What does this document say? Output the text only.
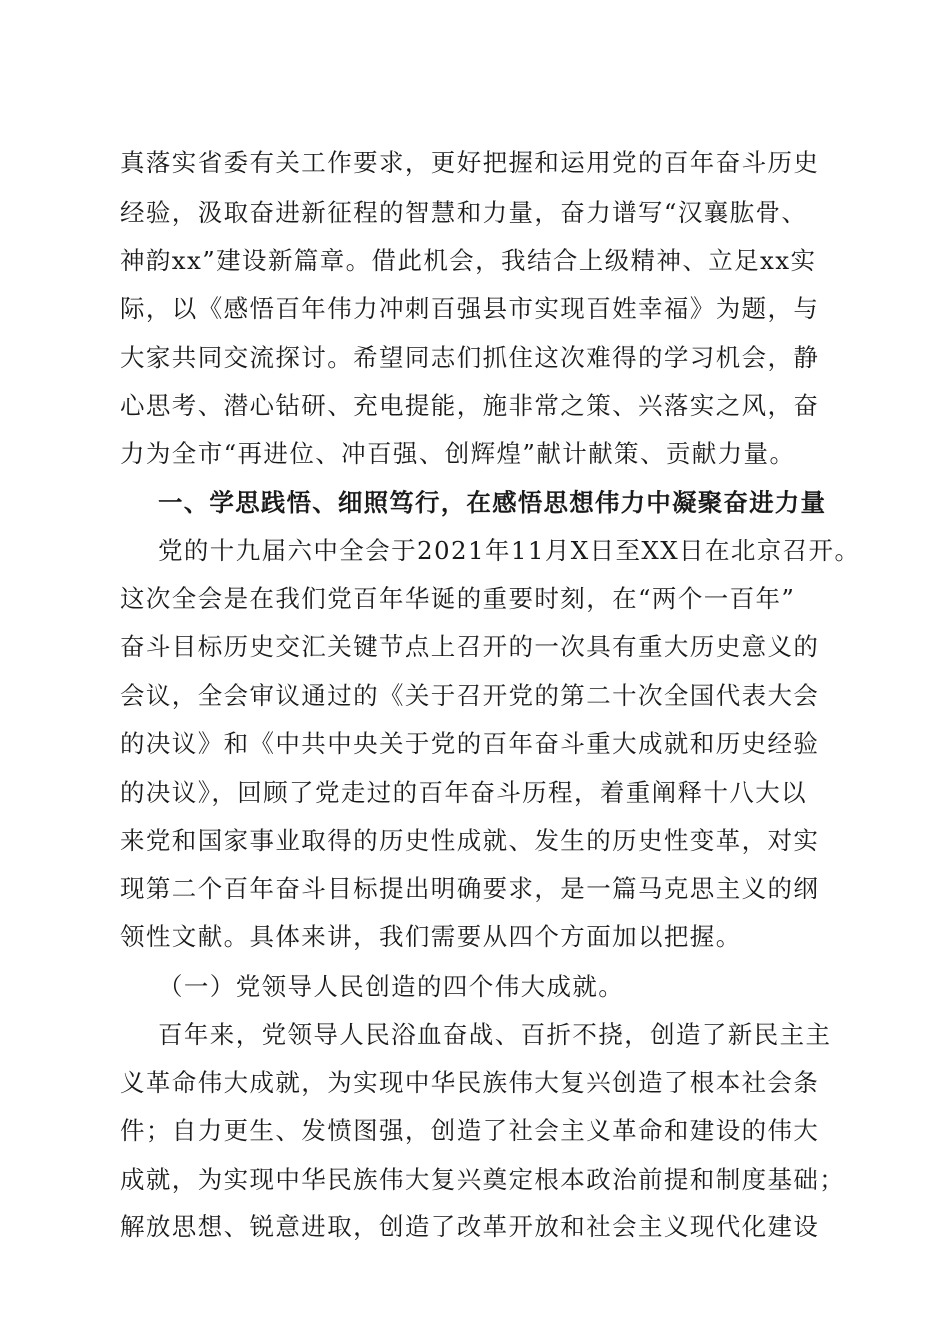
真落实省委有关工作要求，更好把握和运用党的百年奋斗历史
经验，汲取奋进新征程的智慧和力量，奋力谱写“汉襄肱骨、
神韵xx”建设新篇章。借此机会，我结合上级精神、立足xx实
际，以《感悟百年伟力冲刺百强县市实现百姓幸福》为题，与
大家共同交流探讨。希望同志们抓住这次难得的学习机会，静
心思考、潜心钻研、充电提能，施非常之策、兴落实之风，奋
力为全市“再进位、冲百强、创辉煌”献计献策、贡献力量。
一、学思践悟、细照笃行，在感悟思想伟力中凝聚奋进力量
党的十九届六中全会于2021年11月X日至XX日在北京召开。
这次全会是在我们党百年华诞的重要时刻，在“两个一百年”
奋斗目标历史交汇关键节点上召开的一次具有重大历史意义的
会议，全会审议通过的《关于召开党的第二十次全国代表大会
的决议》和《中共中央关于党的百年奋斗重大成就和历史经验
的决议》，回顾了党走过的百年奋斗历程，着重阐释十八大以
来党和国家事业取得的历史性成就、发生的历史性变革，对实
现第二个百年奋斗目标提出明确要求，是一篇马克思主义的纲
领性文献。具体来讲，我们需要从四个方面加以把握。
（一）党领导人民创造的四个伟大成就。
百年来，党领导人民浴血奋战、百折不挠，创造了新民主主
义革命伟大成就，为实现中华民族伟大复兴创造了根本社会条
件；自力更生、发愤图强，创造了社会主义革命和建设的伟大
成就，为实现中华民族伟大复兴奠定根本政治前提和制度基础；
解放思想、锐意进取，创造了改革开放和社会主义现代化建设
